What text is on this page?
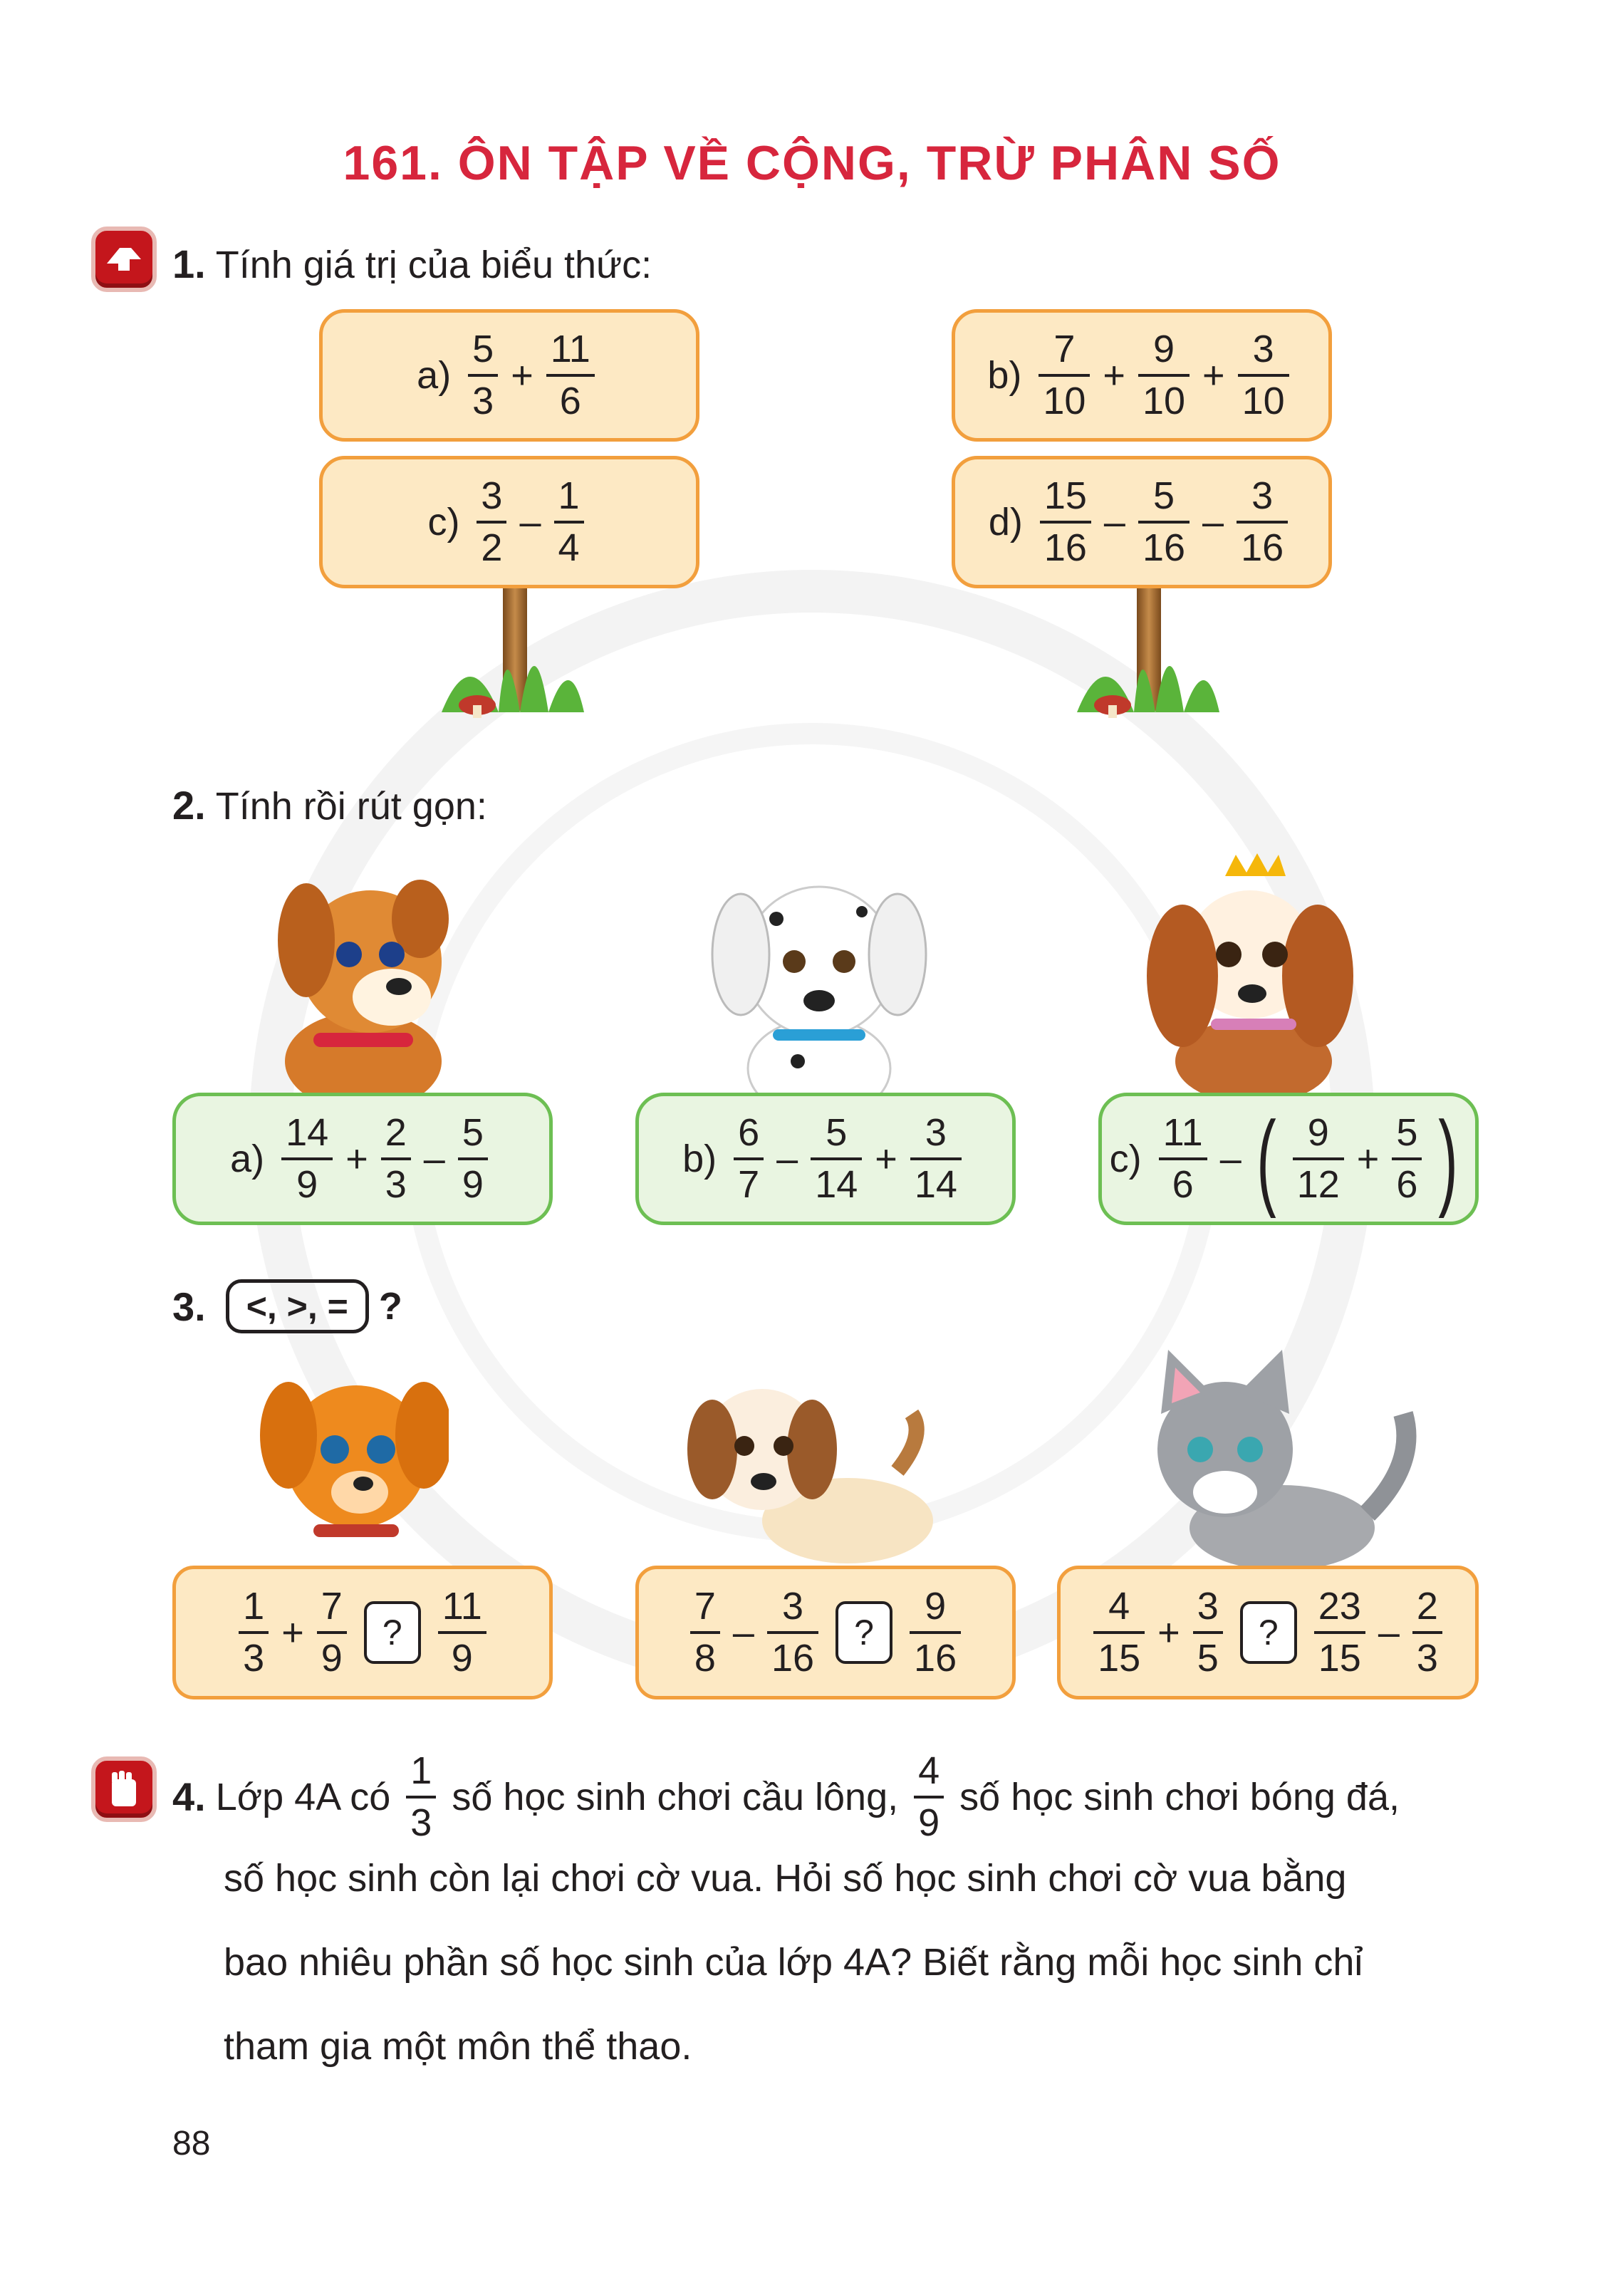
161. ÔN TẬP VỀ CỘNG, TRỪ PHÂN SỐ
1. Tính giá trị của biểu thức:
$a) \frac{5}{3} + \frac{11}{6}$	$b) \frac{7}{10} + \frac{9}{10} + \frac{3}{10}$
$c) \frac{3}{2} - \frac{1}{4}$	$d) \frac{15}{16} - \frac{5}{16} - \frac{3}{16}$
2. Tính rồi rút gọn:
$a) \frac{14}{9} + \frac{2}{3} - \frac{5}{9}$	$b) \frac{6}{7} - \frac{5}{14} + \frac{3}{14}$	$c) \frac{11}{6}$ – ( $\frac{9}{12} + \frac{5}{6}$ )
3.	<, >, = ?
$\frac{1}{3} + \frac{7}{9}$	? $\frac{11}{9}$	$\frac{7}{8} - \frac{3}{16}$	? $\frac{9}{16}$	$\frac{4}{15} + \frac{3}{5}$	? $\frac{23}{15} - \frac{2}{3}$
4. Lớp 4A có $\frac{1}{3}$ số học sinh chơi cầu lông, $\frac{4}{9}$ số học sinh chơi bóng đá,
số học sinh còn lại chơi cờ vua. Hỏi số học sinh chơi cờ vua bằng
bao nhiêu phần số học sinh của lớp 4A? Biết rằng mỗi học sinh chỉ
tham gia một môn thể thao.
88
